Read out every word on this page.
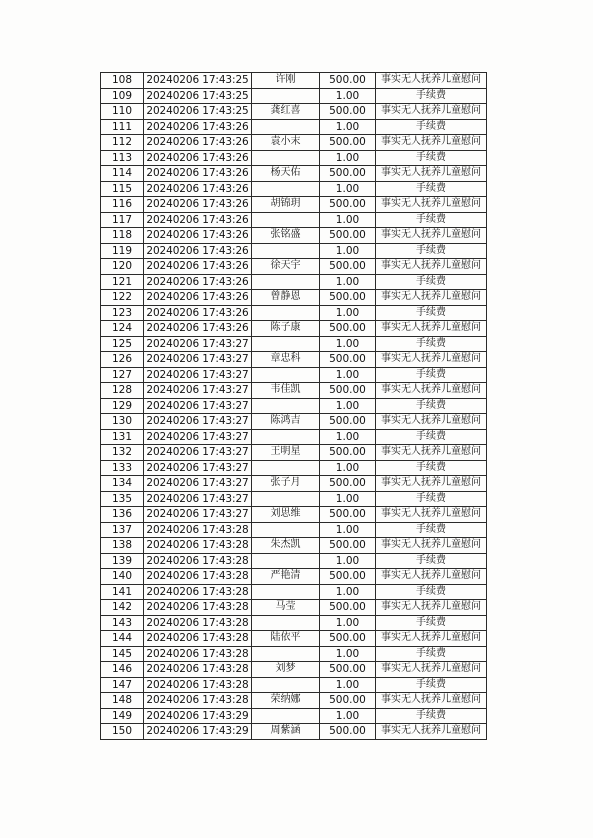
108	20240206 17:43:25	许刚	500.00	事实无人抚养儿童慰问
109	20240206 17:43:25		1.00	手续费
110	20240206 17:43:25	龚红喜	500.00	事实无人抚养儿童慰问
111	20240206 17:43:26		1.00	手续费
112	20240206 17:43:26	袁小末	500.00	事实无人抚养儿童慰问
113	20240206 17:43:26		1.00	手续费
114	20240206 17:43:26	杨天佑	500.00	事实无人抚养儿童慰问
115	20240206 17:43:26		1.00	手续费
116	20240206 17:43:26	胡锦玥	500.00	事实无人抚养儿童慰问
117	20240206 17:43:26		1.00	手续费
118	20240206 17:43:26	张铭盛	500.00	事实无人抚养儿童慰问
119	20240206 17:43:26		1.00	手续费
120	20240206 17:43:26	徐天宇	500.00	事实无人抚养儿童慰问
121	20240206 17:43:26		1.00	手续费
122	20240206 17:43:26	曾静恩	500.00	事实无人抚养儿童慰问
123	20240206 17:43:26		1.00	手续费
124	20240206 17:43:26	陈子康	500.00	事实无人抚养儿童慰问
125	20240206 17:43:27		1.00	手续费
126	20240206 17:43:27	章忠科	500.00	事实无人抚养儿童慰问
127	20240206 17:43:27		1.00	手续费
128	20240206 17:43:27	韦佳凯	500.00	事实无人抚养儿童慰问
129	20240206 17:43:27		1.00	手续费
130	20240206 17:43:27	陈鸿吉	500.00	事实无人抚养儿童慰问
131	20240206 17:43:27		1.00	手续费
132	20240206 17:43:27	王明星	500.00	事实无人抚养儿童慰问
133	20240206 17:43:27		1.00	手续费
134	20240206 17:43:27	张子月	500.00	事实无人抚养儿童慰问
135	20240206 17:43:27		1.00	手续费
136	20240206 17:43:27	刘思维	500.00	事实无人抚养儿童慰问
137	20240206 17:43:28		1.00	手续费
138	20240206 17:43:28	朱杰凯	500.00	事实无人抚养儿童慰问
139	20240206 17:43:28		1.00	手续费
140	20240206 17:43:28	严艳清	500.00	事实无人抚养儿童慰问
141	20240206 17:43:28		1.00	手续费
142	20240206 17:43:28	马莹	500.00	事实无人抚养儿童慰问
143	20240206 17:43:28		1.00	手续费
144	20240206 17:43:28	陆依平	500.00	事实无人抚养儿童慰问
145	20240206 17:43:28		1.00	手续费
146	20240206 17:43:28	刘梦	500.00	事实无人抚养儿童慰问
147	20240206 17:43:28		1.00	手续费
148	20240206 17:43:28	荣纳娜	500.00	事实无人抚养儿童慰问
149	20240206 17:43:29		1.00	手续费
150	20240206 17:43:29	周紫涵	500.00	事实无人抚养儿童慰问
